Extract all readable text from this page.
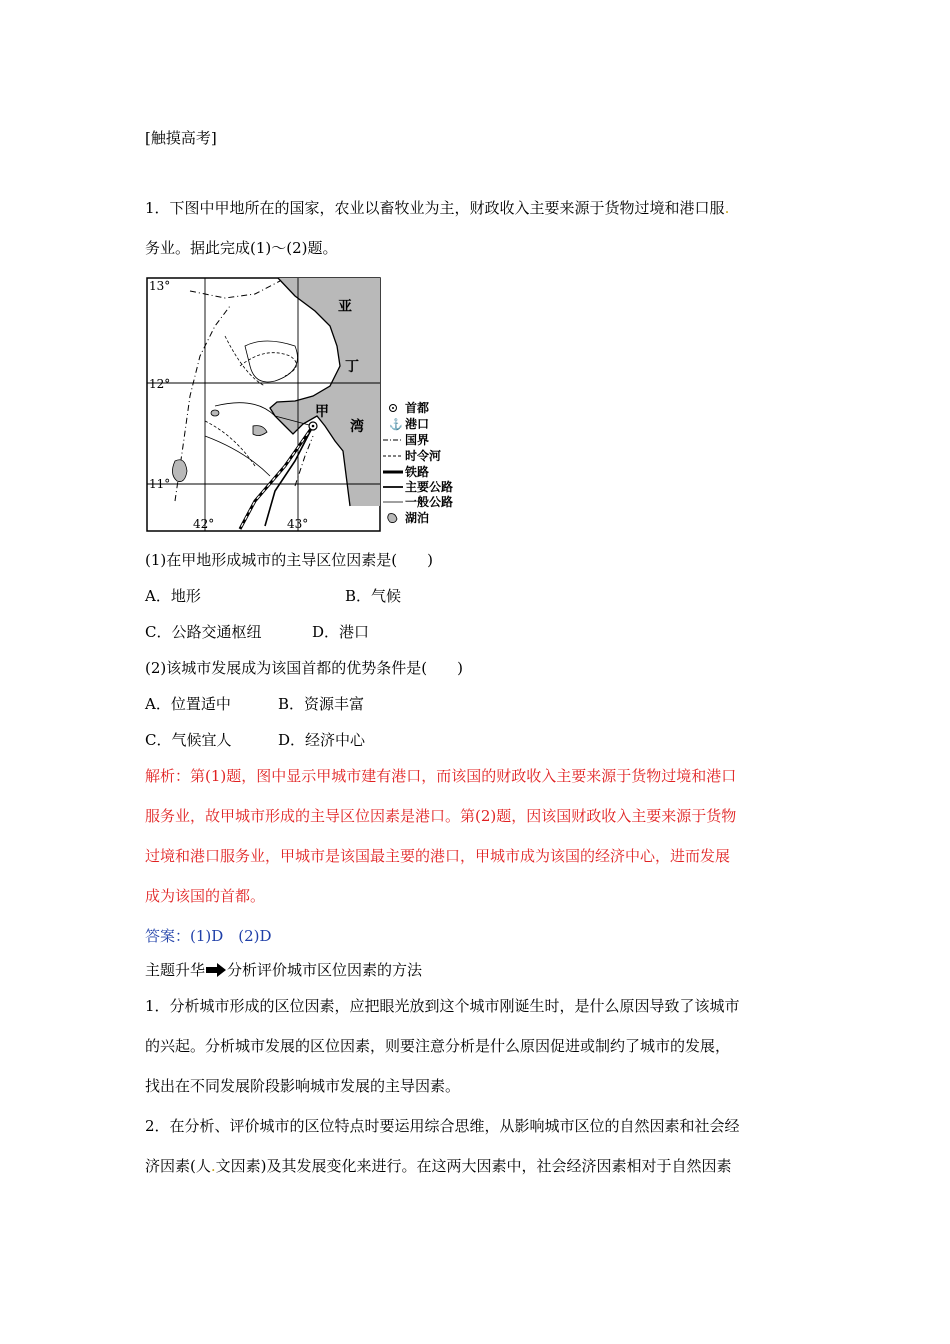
[触摸高考]
1．下图中甲地所在的国家，农业以畜牧业为主，财政收入主要来源于货物过境和港口服.
务业。据此完成(1)～(2)题。
13°
12°
11°
42°	43°
亚
丁
湾
甲	首都
⚓ 港口
国界
时令河
铁路
主要公路
一般公路
湖泊
(1)在甲地形成城市的主导区位因素是(　　)
A．地形	B．气候
C．公路交通枢纽	D．港口
(2)该城市发展成为该国首都的优势条件是(　　)
A．位置适中	B．资源丰富
C．气候宜人	D．经济中心
解析：第(1)题，图中显示甲城市建有港口，而该国的财政收入主要来源于货物过境和港口
服务业，故甲城市形成的主导区位因素是港口。第(2)题，因该国财政收入主要来源于货物
过境和港口服务业，甲城市是该国最主要的港口，甲城市成为该国的经济中心，进而发展
成为该国的首都。
答案：(1)D　(2)D
主题升华 分析评价城市区位因素的方法
1．分析城市形成的区位因素，应把眼光放到这个城市刚诞生时，是什么原因导致了该城市
的兴起。分析城市发展的区位因素，则要注意分析是什么原因促进或制约了城市的发展，
找出在不同发展阶段影响城市发展的主导因素。
2．在分析、评价城市的区位特点时要运用综合思维，从影响城市区位的自然因素和社会经
济因素(人.文因素)及其发展变化来进行。在这两大因素中，社会经济因素相对于自然因素
